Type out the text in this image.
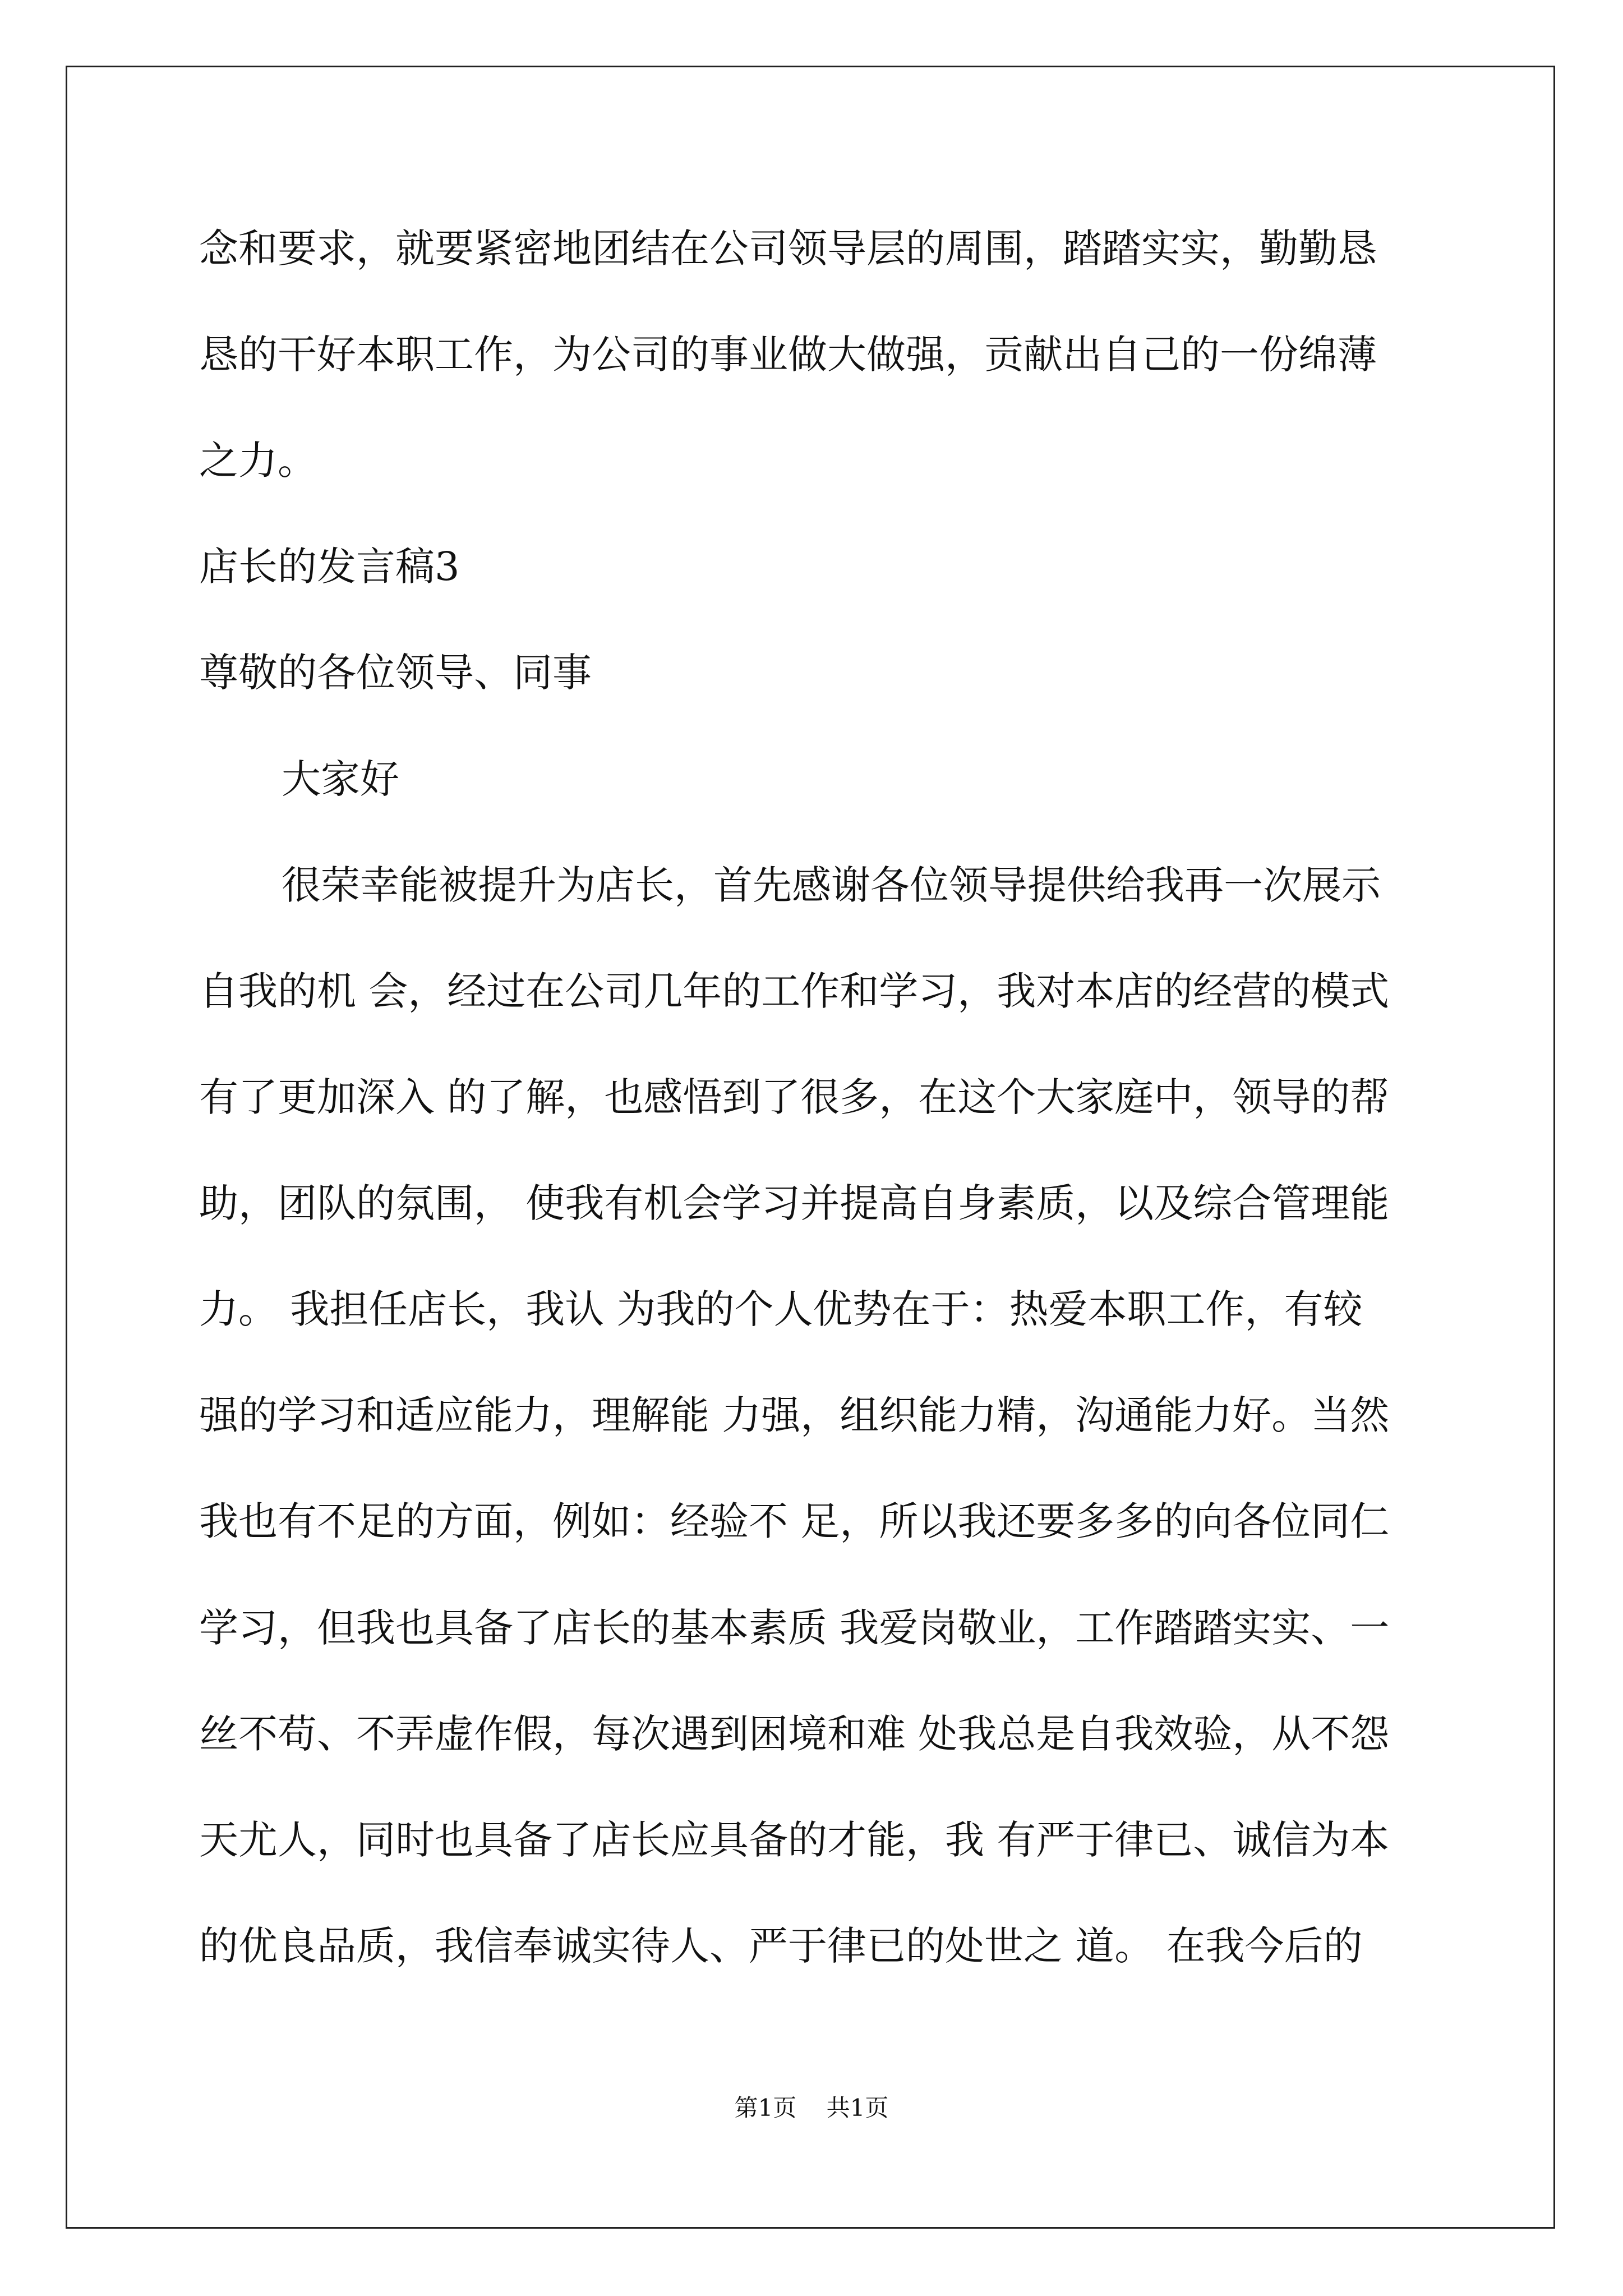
念和要求，就要紧密地团结在公司领导层的周围，踏踏实实，勤勤恳
恳的干好本职工作，为公司的事业做大做强，贡献出自己的一份绵薄
之力。
店长的发言稿3
尊敬的各位领导、同事
大家好
很荣幸能被提升为店长，首先感谢各位领导提供给我再一次展示
自我的机 会，经过在公司几年的工作和学习，我对本店的经营的模式
有了更加深入 的了解，也感悟到了很多，在这个大家庭中，领导的帮
助，团队的氛围， 使我有机会学习并提高自身素质，以及综合管理能
力。 我担任店长，我认 为我的个人优势在于：热爱本职工作，有较
强的学习和适应能力，理解能 力强，组织能力精，沟通能力好。当然
我也有不足的方面，例如：经验不 足，所以我还要多多的向各位同仁
学习，但我也具备了店长的基本素质 我爱岗敬业，工作踏踏实实、一
丝不苟、不弄虚作假，每次遇到困境和难 处我总是自我效验，从不怨
天尤人，同时也具备了店长应具备的才能，我 有严于律已、诚信为本
的优良品质，我信奉诚实待人、严于律已的处世之 道。 在我今后的
第1页    共1页
